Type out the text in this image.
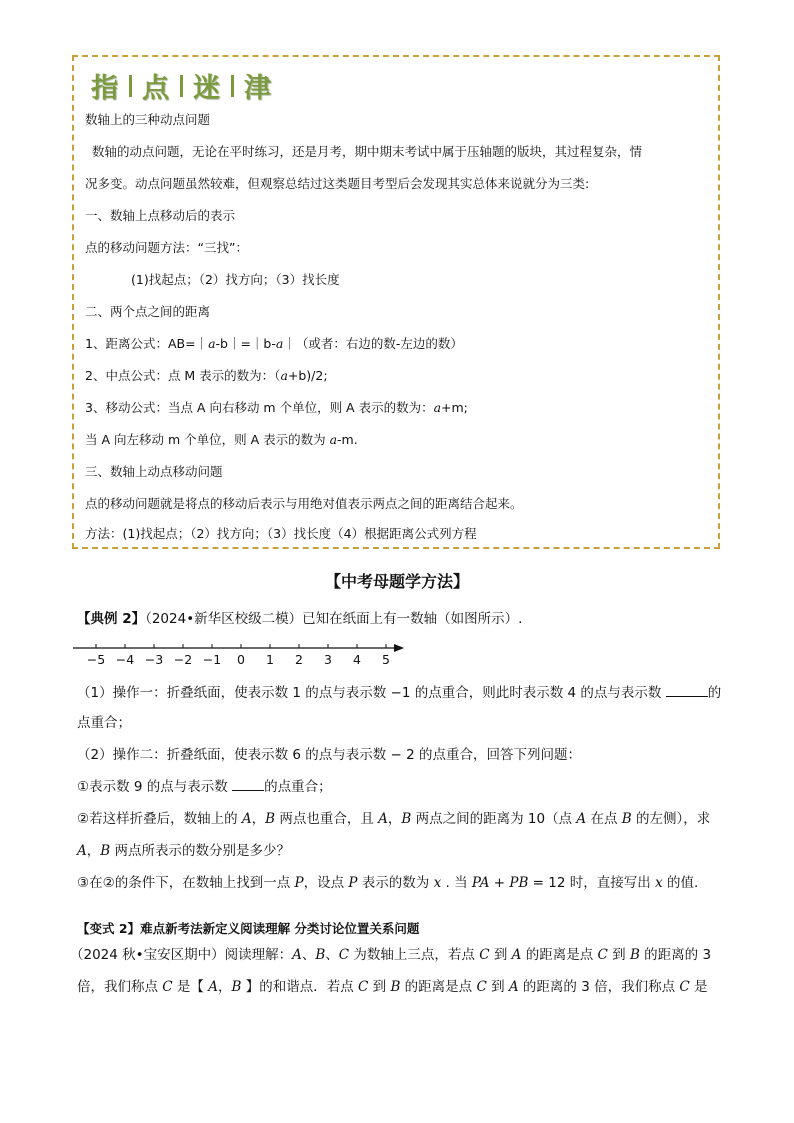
指 点 迷 津
数轴上的三种动点问题
数轴的动点问题，无论在平时练习，还是月考，期中期末考试中属于压轴题的版块，其过程复杂，情
况多变。动点问题虽然较难，但观察总结过这类题目考型后会发现其实总体来说就分为三类:
一、数轴上点移动后的表示
点的移动问题方法：“三找”：
(1)找起点；（2）找方向；（3）找长度
二、两个点之间的距离
1、距离公式：AB=｜a-b｜=｜b-a｜（或者：右边的数-左边的数）
2、中点公式：点 M 表示的数为：（a+b)/2;
3、移动公式：当点 A 向右移动 m 个单位，则 A 表示的数为：a+m;
当 A 向左移动 m 个单位，则 A 表示的数为 a-m.
三、数轴上动点移动问题
点的移动问题就是将点的移动后表示与用绝对值表示两点之间的距离结合起来。
方法：(1)找起点；（2）找方向；（3）找长度（4）根据距离公式列方程
【中考母题学方法】
【典例 2】（2024•新华区校级二模）已知在纸面上有一数轴（如图所示）.
−5 −4 −3 −2 −1 0 1 2 3 4 5
（1）操作一：折叠纸面，使表示数 1 的点与表示数 −1 的点重合，则此时表示数 4 的点与表示数	的
点重合；
（2）操作二：折叠纸面，使表示数 6 的点与表示数 − 2 的点重合，回答下列问题：
①表示数 9 的点与表示数 的点重合；
②若这样折叠后，数轴上的 A，B 两点也重合，且 A，B 两点之间的距离为 10（点 A 在点 B 的左侧），求
A，B 两点所表示的数分别是多少？
③在②的条件下，在数轴上找到一点 P，设点 P 表示的数为 x . 当 PA + PB = 12 时，直接写出 x 的值.
【变式 2】难点新考法新定义阅读理解 分类讨论位置关系问题
（2024 秋•宝安区期中）阅读理解：A、B、C 为数轴上三点，若点 C 到 A 的距离是点 C 到 B 的距离的 3
倍，我们称点 C 是【 A，B 】的和谐点．若点 C 到 B 的距离是点 C 到 A 的距离的 3 倍，我们称点 C 是
